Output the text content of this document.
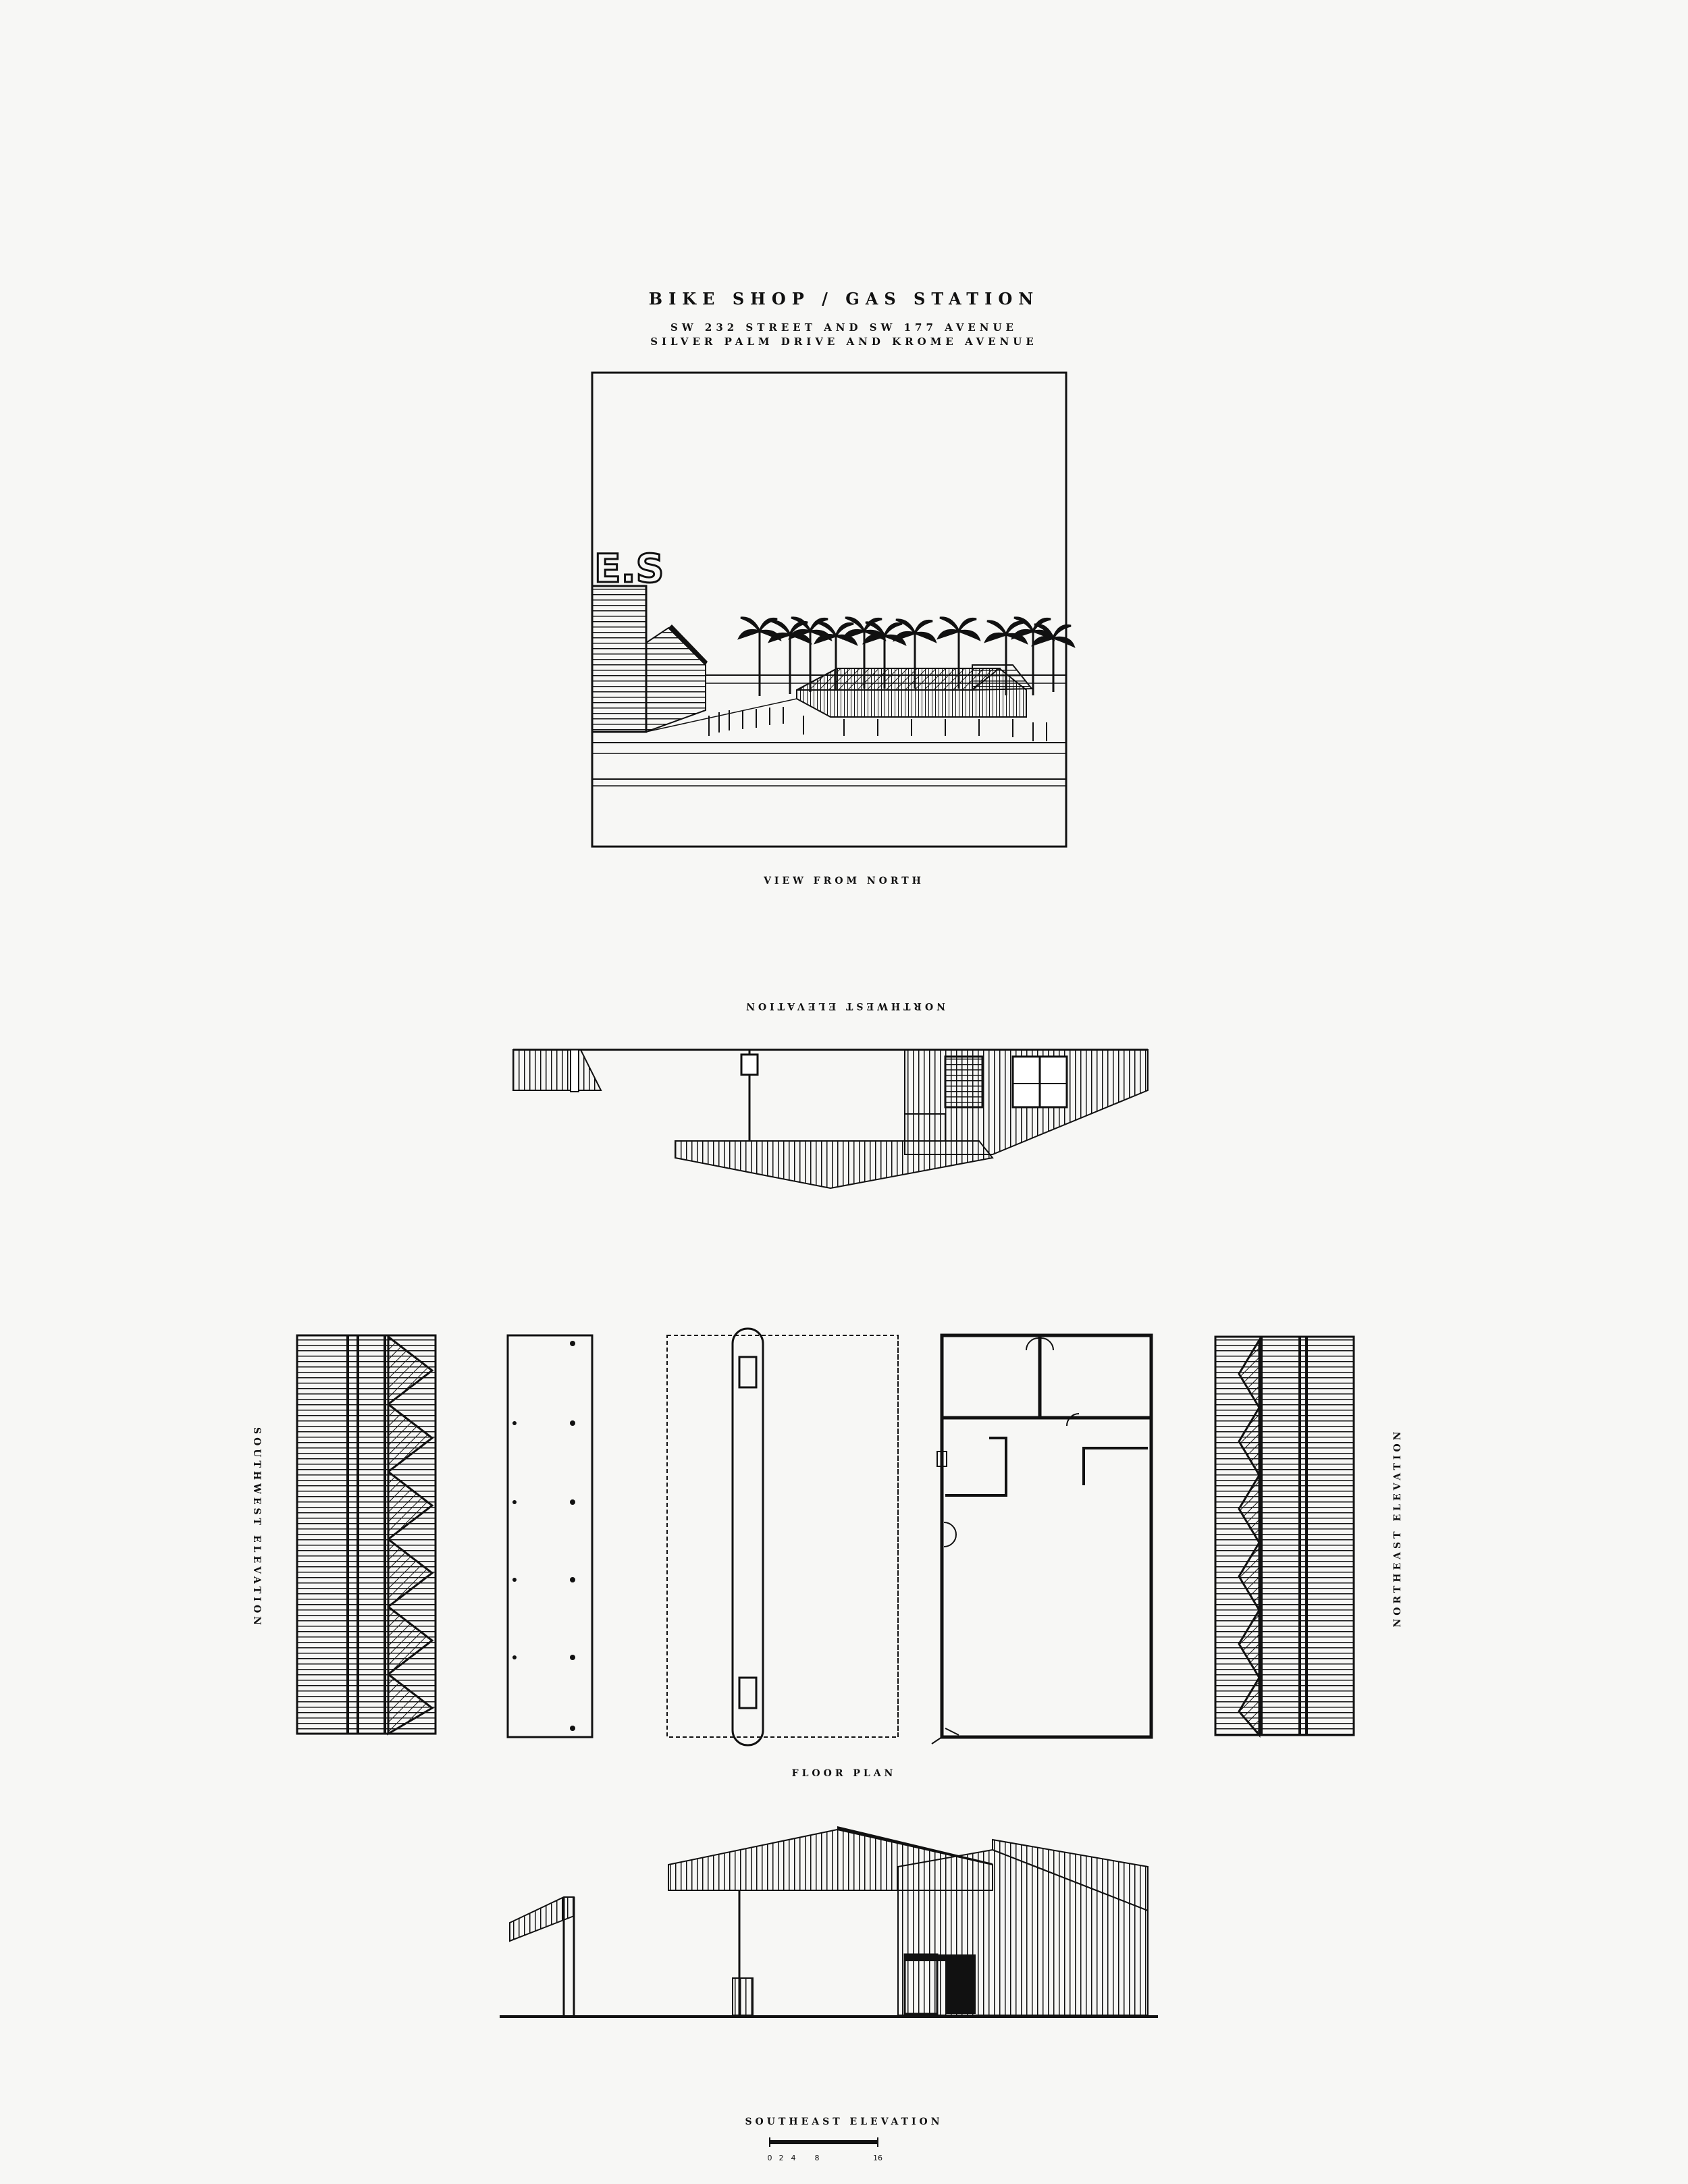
BIKE SHOP / GAS STATION
SW 232 STREET AND SW 177 AVENUE
SILVER PALM DRIVE AND KROME AVENUE
VIEW FROM NORTH
NORTHWEST ELEVATION
FLOOR PLAN
SOUTHEAST ELEVATION
SOUTHWEST ELEVATION	NORTHEAST ELEVATION
E.S
0 2 4	8	16
